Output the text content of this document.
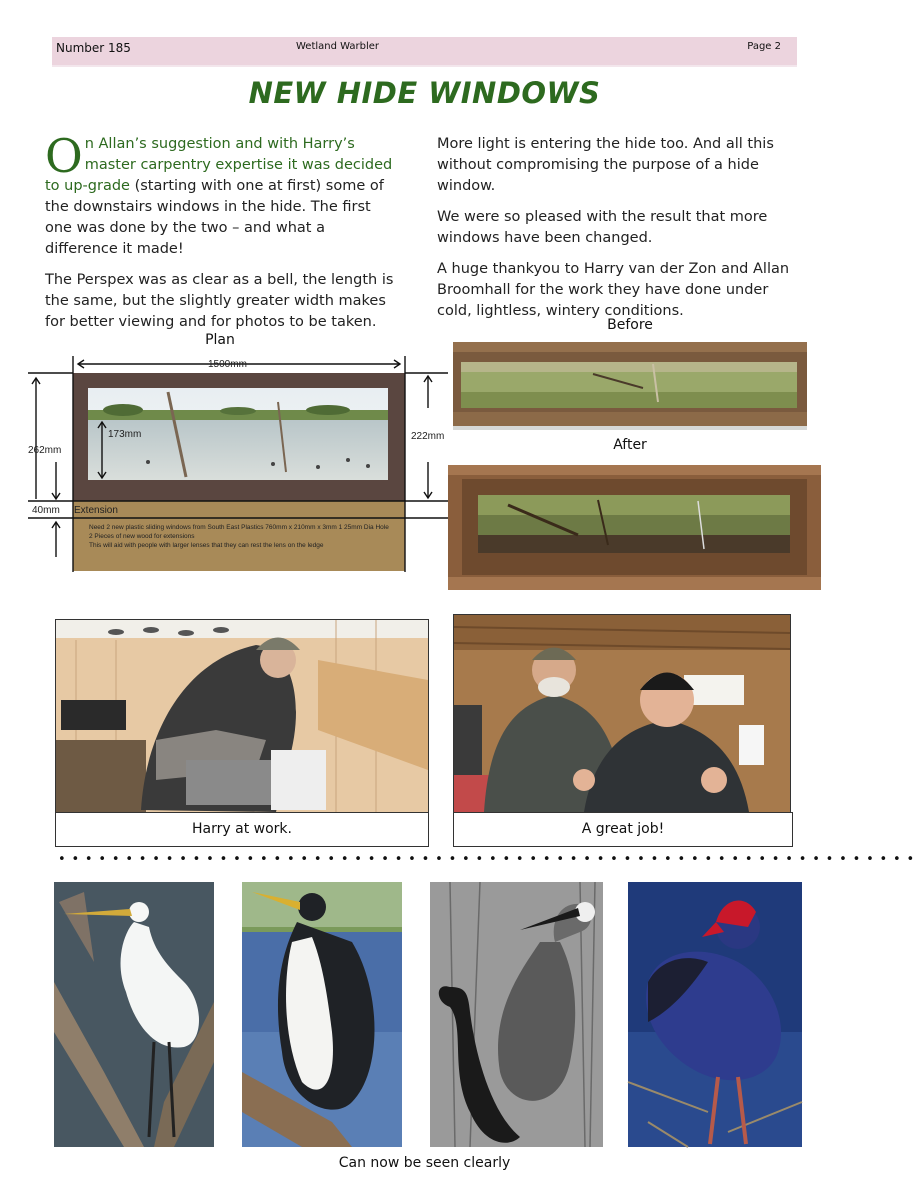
Number 185	Wetland Warbler	Page 2
NEW HIDE WINDOWS

On Allan’s suggestion and with Harry’s master carpentry expertise it was decided to up-grade (starting with one at first) some of the downstairs windows in the hide. The first one was done by the two – and what a difference it made!

The Perspex was as clear as a bell, the length is the same, but the slightly greater width makes for better viewing and for photos to be taken.

More light is entering the hide too. And all this without compromising the purpose of a hide window.

We were so pleased with the result that more windows have been changed.

A huge thankyou to Harry van der Zon and Allan Broomhall for the work they have done under cold, lightless, wintery conditions.

Plan
1500mm
173mm
262mm
222mm
40mm Extension
Need 2 new plastic sliding windows from South East Plastics 760mm x 210mm x 3mm 1 25mm Dia Hole
2 Pieces of new wood for extensions
This will aid with people with larger lenses that they can rest the lens on the ledge
Before
After
Harry at work.	A great job!
••••••••••••••••••••••••••••••••••••••••••••••••••••••••••••••••
Can now be seen clearly
